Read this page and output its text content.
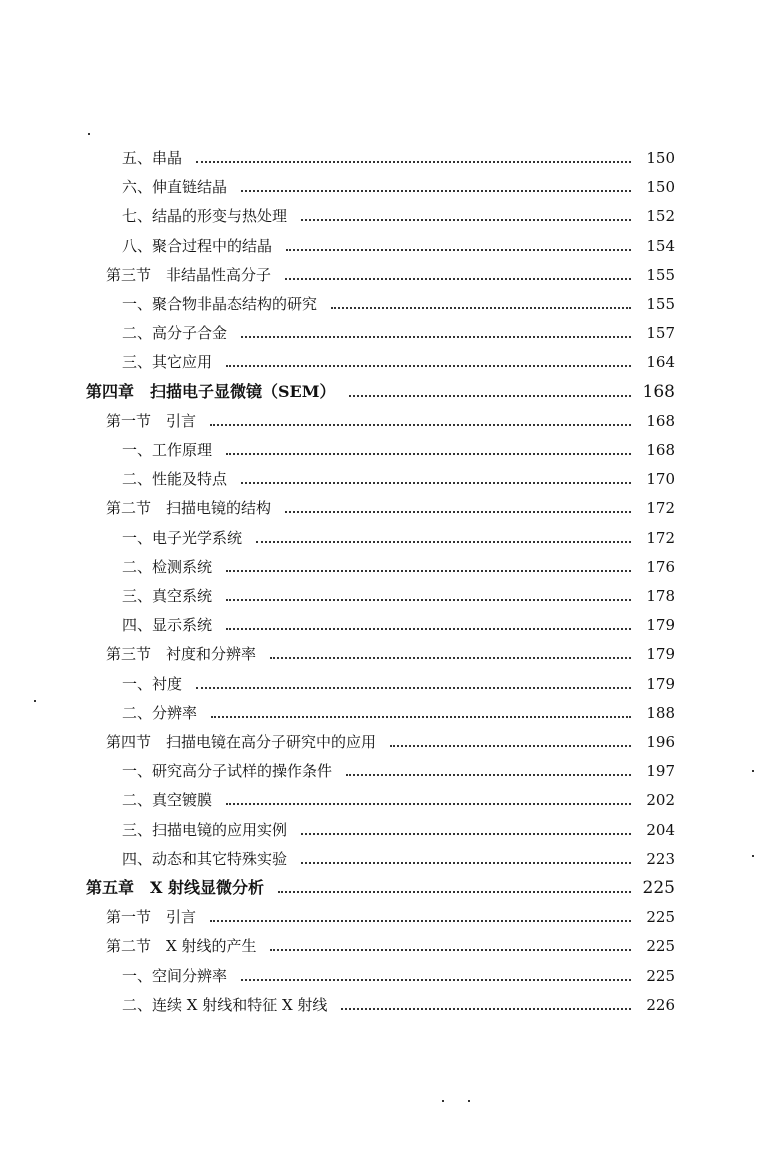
五、串晶	150
六、伸直链结晶	150
七、结晶的形变与热处理	152
八、聚合过程中的结晶	154
第三节　非结晶性高分子	155
一、聚合物非晶态结构的研究	155
二、高分子合金	157
三、其它应用	164
第四章　扫描电子显微镜（SEM）	168
第一节　引言	168
一、工作原理	168
二、性能及特点	170
第二节　扫描电镜的结构	172
一、电子光学系统	172
二、检测系统	176
三、真空系统	178
四、显示系统	179
第三节　衬度和分辨率	179
一、衬度	179
二、分辨率	188
第四节　扫描电镜在高分子研究中的应用	196
一、研究高分子试样的操作条件	197
二、真空镀膜	202
三、扫描电镜的应用实例	204
四、动态和其它特殊实验	223
第五章　X 射线显微分析	225
第一节　引言	225
第二节　X 射线的产生	225
一、空间分辨率	225
二、连续 X 射线和特征 X 射线	226
